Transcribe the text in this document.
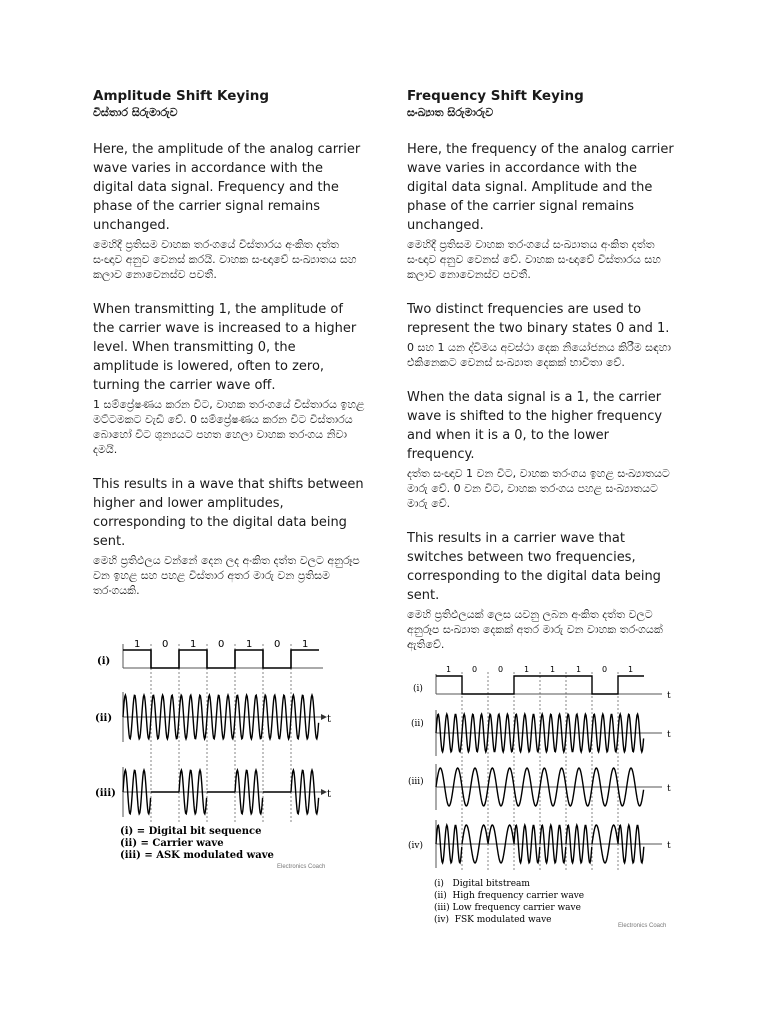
Amplitude Shift Keying

විස්තාර සිරුමාරුව

Here, the amplitude of the analog carrier wave varies in accordance with the digital data signal. Frequency and the phase of the carrier signal remains unchanged.

මෙහිදී ප්‍රතිසම වාහක තරංගයේ විස්තාරය අංකිත දත්ත සංඥාව අනුව වෙනස් කරයි. වාහක සංඥාවේ සංඛ්‍යාතය සහ කලාව නොවෙනස්ව පවතී.

When transmitting 1, the amplitude of the carrier wave is increased to a higher level. When transmitting 0, the amplitude is lowered, often to zero, turning the carrier wave off.

1 සම්ප්‍රේෂණය කරන විට, වාහක තරංගයේ විස්තාරය ඉහළ මට්ටමකට වැඩි වේ. 0 සම්ප්‍රේෂණය කරන විට විස්තාරය බොහෝ විට ශුන්‍යයට පහත හෙලා වාහක තරංගය නිවා දමයි.

This results in a wave that shifts between higher and lower amplitudes, corresponding to the digital data being sent.

මෙහි ප්‍රතිඵලය වන්නේ දෙන ලද අංකිත දත්ත වලට අනුරූප වන ඉහළ සහ පහළ විස්තාර අතර මාරු වන ප්‍රතිසම තරංගයකි.

Frequency Shift Keying

සංඛ්‍යාත සිරුමාරුව

Here, the frequency of the analog carrier wave varies in accordance with the digital data signal. Amplitude and the phase of the carrier signal remains unchanged.

මෙහිදී ප්‍රතිසම වාහක තරංගයේ සංඛ්‍යාතය අංකිත දත්ත සංඥාව අනුව වෙනස් වේ. වාහක සංඥාවේ විස්තාරය සහ කලාව නොවෙනස්ව පවතී.

Two distinct frequencies are used to represent the two binary states 0 and 1.

0 සහ 1 යන ද්විමය අවස්ථා දෙක නියෝජනය කිරීම සඳහා එකිනෙකට වෙනස් සංඛ්‍යාත දෙකක් භාවිතා වේ.

When the data signal is a 1, the carrier wave is shifted to the higher frequency and when it is a 0, to the lower frequency.

දත්ත සංඥාව 1 වන විට, වාහක තරංගය ඉහළ සංඛ්‍යාතයට මාරු වේ. 0 වන විට, වාහක තරංගය පහළ සංඛ්‍යාතයට මාරු වේ.

This results in a carrier wave that switches between two frequencies, corresponding to the digital data being sent.

මෙහි ප්‍රතිඵලයක් ලෙස යවනු ලබන අංකිත දත්ත වලට අනුරූප සංඛ්‍යාත දෙකක් අතර මාරු වන වාහක තරංගයක් ඇතිවේ.

1 0 1 0 1 0 1
(i)
(ii)
(iii)
t
t
(i) = Digital bit sequence
(ii) = Carrier wave
(iii) = ASK modulated wave
Electronics Coach
1	0	0	1	1	1	0	1
(i)
(ii)
(iii)
(iv)
t
t
t
t
(i)   Digital bitstream
(ii)  High frequency carrier wave
(iii) Low frequency carrier wave
(iv)  FSK modulated wave
Electronics Coach
